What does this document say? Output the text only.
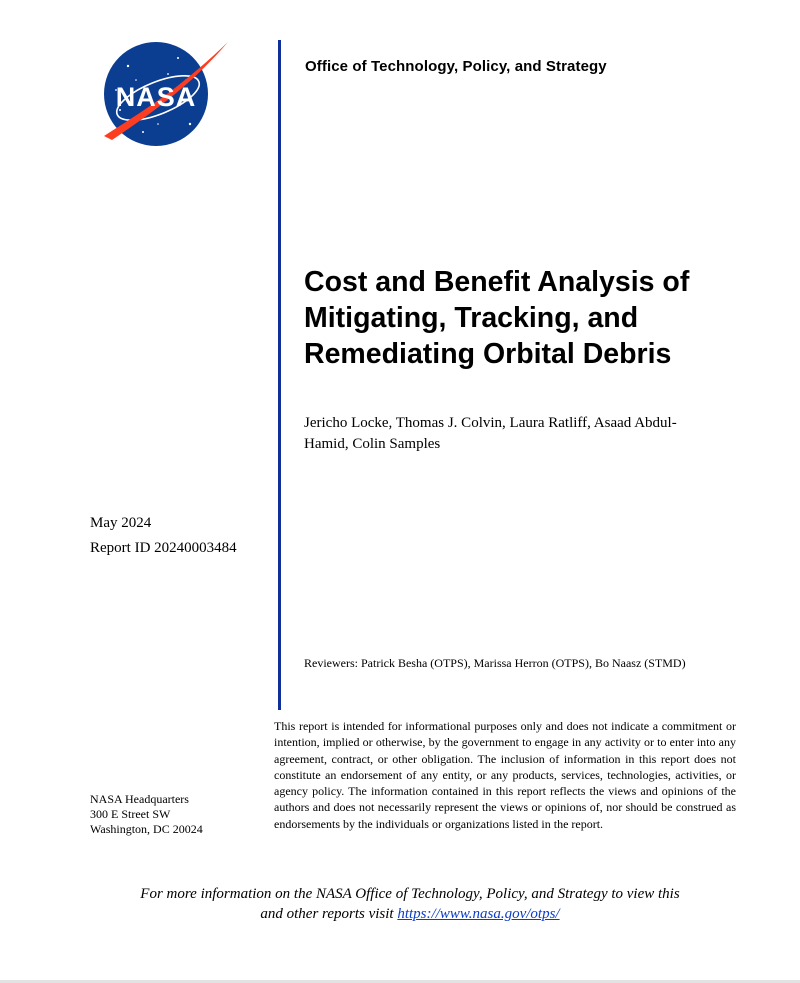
NASA
Office of Technology, Policy, and Strategy
Cost and Benefit Analysis of
Mitigating, Tracking, and
Remediating Orbital Debris
Jericho Locke, Thomas J. Colvin, Laura Ratliff, Asaad Abdul-
Hamid, Colin Samples
May 2024
Report ID 20240003484
Reviewers: Patrick Besha (OTPS), Marissa Herron (OTPS), Bo Naasz (STMD)
This report is intended for informational purposes only and does not indicate a commitment or intention, implied or otherwise, by the government to engage in any activity or to enter into any agreement, contract, or other obligation. The inclusion of information in this report does not constitute an endorsement of any entity, or any products, services, technologies, activities, or agency policy. The information contained in this report reflects the views and opinions of the authors and does not necessarily represent the views or opinions of, nor should be construed as endorsements by the individuals or organizations listed in the report.
NASA Headquarters
300 E Street SW
Washington, DC 20024
For more information on the NASA Office of Technology, Policy, and Strategy to view this
and other reports visit https://www.nasa.gov/otps/
